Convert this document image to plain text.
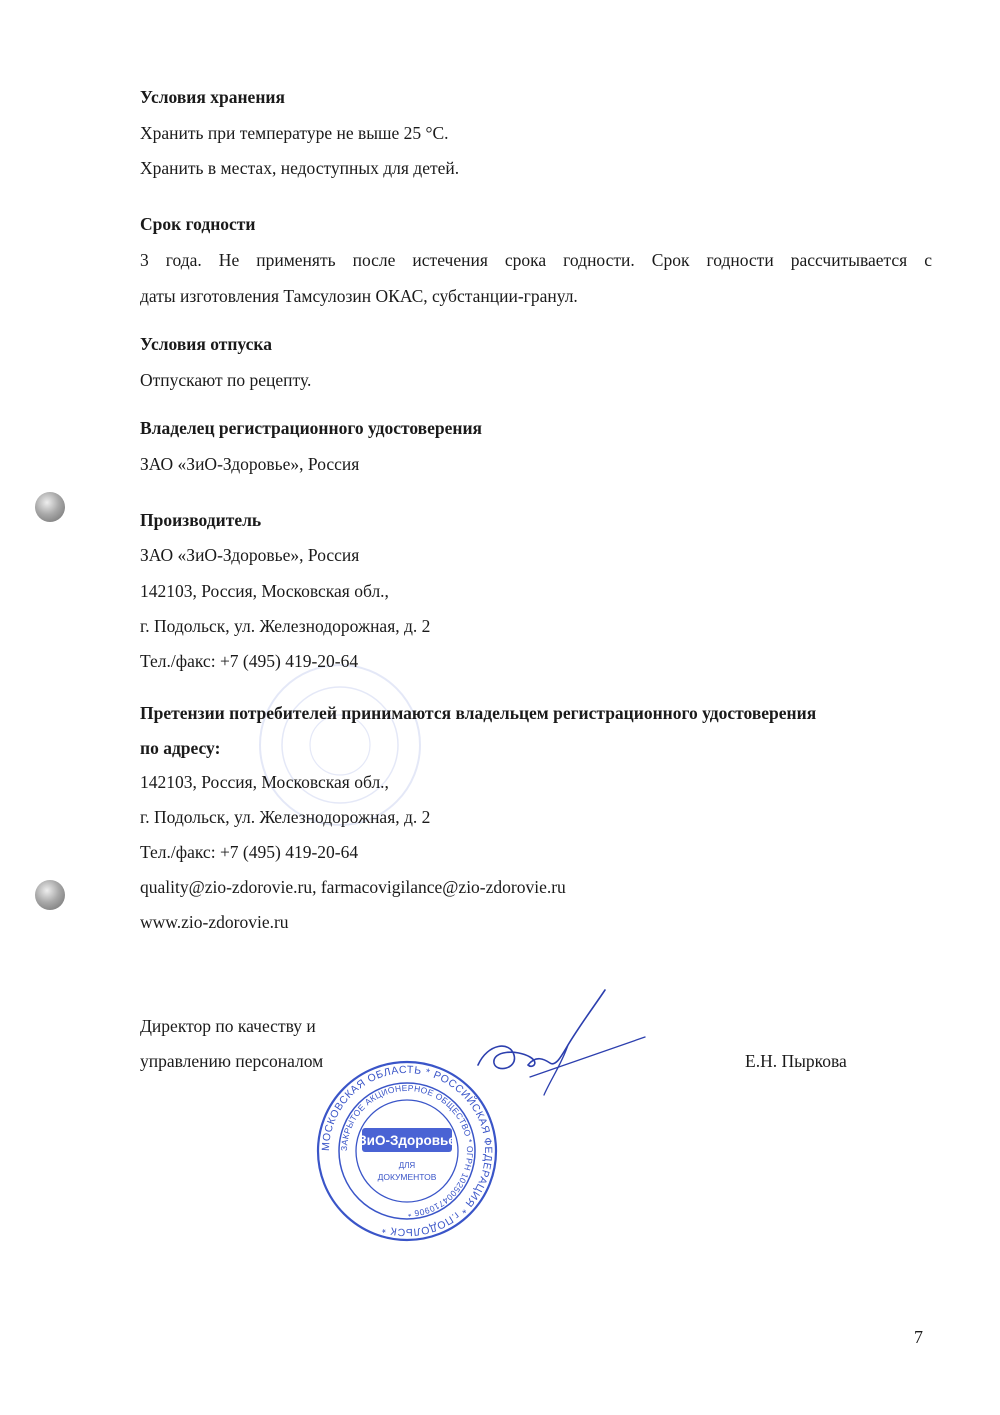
Условия хранения
Хранить при температуре не выше 25 °С.
Хранить в местах, недоступных для детей.
Срок годности
3 года. Не применять после истечения срока годности. Срок годности рассчитывается с
даты изготовления Тамсулозин ОКАС, субстанции-гранул.
Условия отпуска
Отпускают по рецепту.
Владелец регистрационного удостоверения
ЗАО «ЗиО-Здоровье», Россия
Производитель
ЗАО «ЗиО-Здоровье», Россия
142103, Россия, Московская обл.,
г. Подольск, ул. Железнодорожная, д. 2
Тел./факс: +7 (495) 419-20-64
Претензии потребителей принимаются владельцем регистрационного удостоверения
по адресу:
142103, Россия, Московская обл.,
г. Подольск, ул. Железнодорожная, д. 2
Тел./факс: +7 (495) 419-20-64
quality@zio-zdorovie.ru, farmacovigilance@zio-zdorovie.ru
www.zio-zdorovie.ru
Директор по качеству и
управлению персоналом	Е.Н. Пыркова
МОСКОВСКАЯ ОБЛАСТЬ * РОССИЙСКАЯ ФЕДЕРАЦИЯ * г.ПОДОЛЬСК *
ЗАКРЫТОЕ АКЦИОНЕРНОЕ ОБЩЕСТВО * ОГРН 1025004710906 *
ЗиО-Здоровье
ДЛЯ
ДОКУМЕНТОВ
7
